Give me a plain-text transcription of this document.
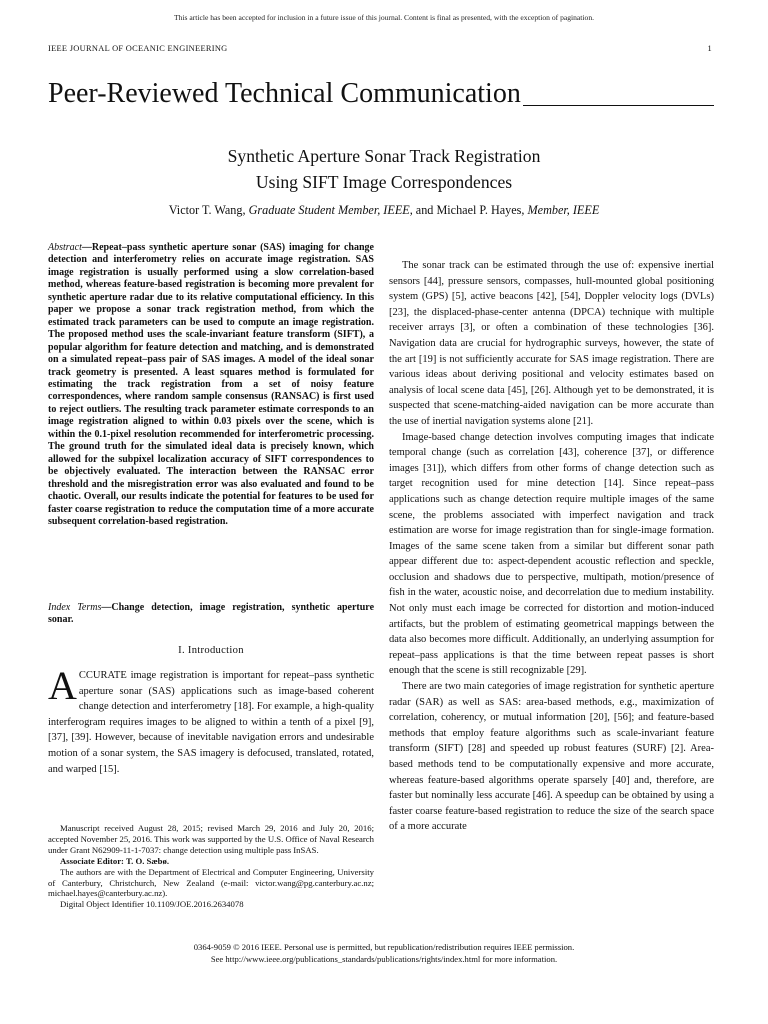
This article has been accepted for inclusion in a future issue of this journal. Content is final as presented, with the exception of pagination.
IEEE JOURNAL OF OCEANIC ENGINEERING	1
Peer-Reviewed Technical Communication
Synthetic Aperture Sonar Track Registration
Using SIFT Image Correspondences
Victor T. Wang, Graduate Student Member, IEEE, and Michael P. Hayes, Member, IEEE
Abstract—Repeat–pass synthetic aperture sonar (SAS) imaging for change detection and interferometry relies on accurate image registration. SAS image registration is usually performed using a slow correlation-based method, whereas feature-based registration is becoming more prevalent for synthetic aperture radar due to its relative computational efficiency. In this paper we propose a sonar track registration method, from which the estimated track parameters can be used to compute an image registration. The proposed method uses the scale-invariant feature transform (SIFT), a popular algorithm for feature detection and matching, and is demonstrated on a simulated repeat–pass pair of SAS images. A model of the ideal sonar track geometry is presented. A least squares method is formulated for estimating the track registration from a set of noisy feature correspondences, where random sample consensus (RANSAC) is first used to reject outliers. The resulting track parameter estimate corresponds to an image registration aligned to within 0.03 pixels over the scene, which is within the 0.1-pixel resolution recommended for interferometric processing. The ground truth for the simulated ideal data is precisely known, which allowed for the subpixel localization accuracy of SIFT correspondences to be objectively evaluated. The interaction between the RANSAC error threshold and the misregistration error was also evaluated and found to be chaotic. Overall, our results indicate the potential for features to be used for faster coarse registration to reduce the computation time of a more accurate subsequent correlation-based registration.
Index Terms—Change detection, image registration, synthetic aperture sonar.
I. Introduction
ACCURATE image registration is important for repeat–pass synthetic aperture sonar (SAS) applications such as image-based coherent change detection and interferometry [18]. For example, a high-quality interferogram requires images to be aligned to within a tenth of a pixel [9], [37], [39]. However, because of inevitable navigation errors and undesirable motion of a sonar system, the SAS imagery is defocused, translated, rotated, and warped [15].
Manuscript received August 28, 2015; revised March 29, 2016 and July 20, 2016; accepted November 25, 2016. This work was supported by the U.S. Office of Naval Research under Grant N62909-11-1-7037: change detection using multiple pass InSAS.
Associate Editor: T. O. Sæbø.
The authors are with the Department of Electrical and Computer Engineering, University of Canterbury, Christchurch, New Zealand (e-mail: victor.wang@pg.canterbury.ac.nz; michael.hayes@canterbury.ac.nz).
Digital Object Identifier 10.1109/JOE.2016.2634078

The sonar track can be estimated through the use of: expensive inertial sensors [44], pressure sensors, compasses, hull-mounted global positioning system (GPS) [5], active beacons [42], [54], Doppler velocity logs (DVLs) [23], the displaced-phase-center antenna (DPCA) technique with multiple receiver arrays [3], or often a combination of these technologies [36]. Navigation data are crucial for hydrographic surveys, however, the state of the art [19] is not sufficiently accurate for SAS image registration. There are various ideas about deriving positional and velocity estimates based on analysis of local scene data [45], [26]. Although yet to be demonstrated, it is suspected that scene-matching-aided navigation can be more accurate than the use of inertial navigation systems alone [21].

Image-based change detection involves computing images that indicate temporal change (such as correlation [43], coherence [37], or difference images [31]), which differs from other forms of change detection such as target recognition used for mine detection [14]. Since repeat–pass applications such as change detection require multiple images of the same scene, the problems associated with imperfect navigation and track estimation are worse for image registration than for single-image formation. Images of the same scene taken from a similar but different sonar path appear different due to: aspect-dependent acoustic reflection and speckle, occlusion and shadows due to perspective, multipath, motion/presence of fish in the water, acoustic noise, and decorrelation due to medium instability. Not only must each image be corrected for distortion and motion-induced artifacts, but the problem of estimating geometrical mappings between the data also becomes more difficult. Additionally, an underlying assumption for repeat–pass applications is that the time between repeat passes is short enough that the scene is still recognizable [29].

There are two main categories of image registration for synthetic aperture radar (SAR) as well as SAS: area-based methods, e.g., maximization of correlation, coherency, or mutual information [20], [56]; and feature-based methods that employ feature algorithms such as scale-invariant feature transform (SIFT) [28] and speeded up robust features (SURF) [2]. Area-based methods tend to be computationally expensive and more accurate, whereas feature-based algorithms operate sparsely [40] and, therefore, are faster but nominally less accurate [46]. A speedup can be obtained by using a faster coarse feature-based registration to reduce the size of the search space of a more accurate

0364-9059 © 2016 IEEE. Personal use is permitted, but republication/redistribution requires IEEE permission.
See http://www.ieee.org/publications_standards/publications/rights/index.html for more information.
